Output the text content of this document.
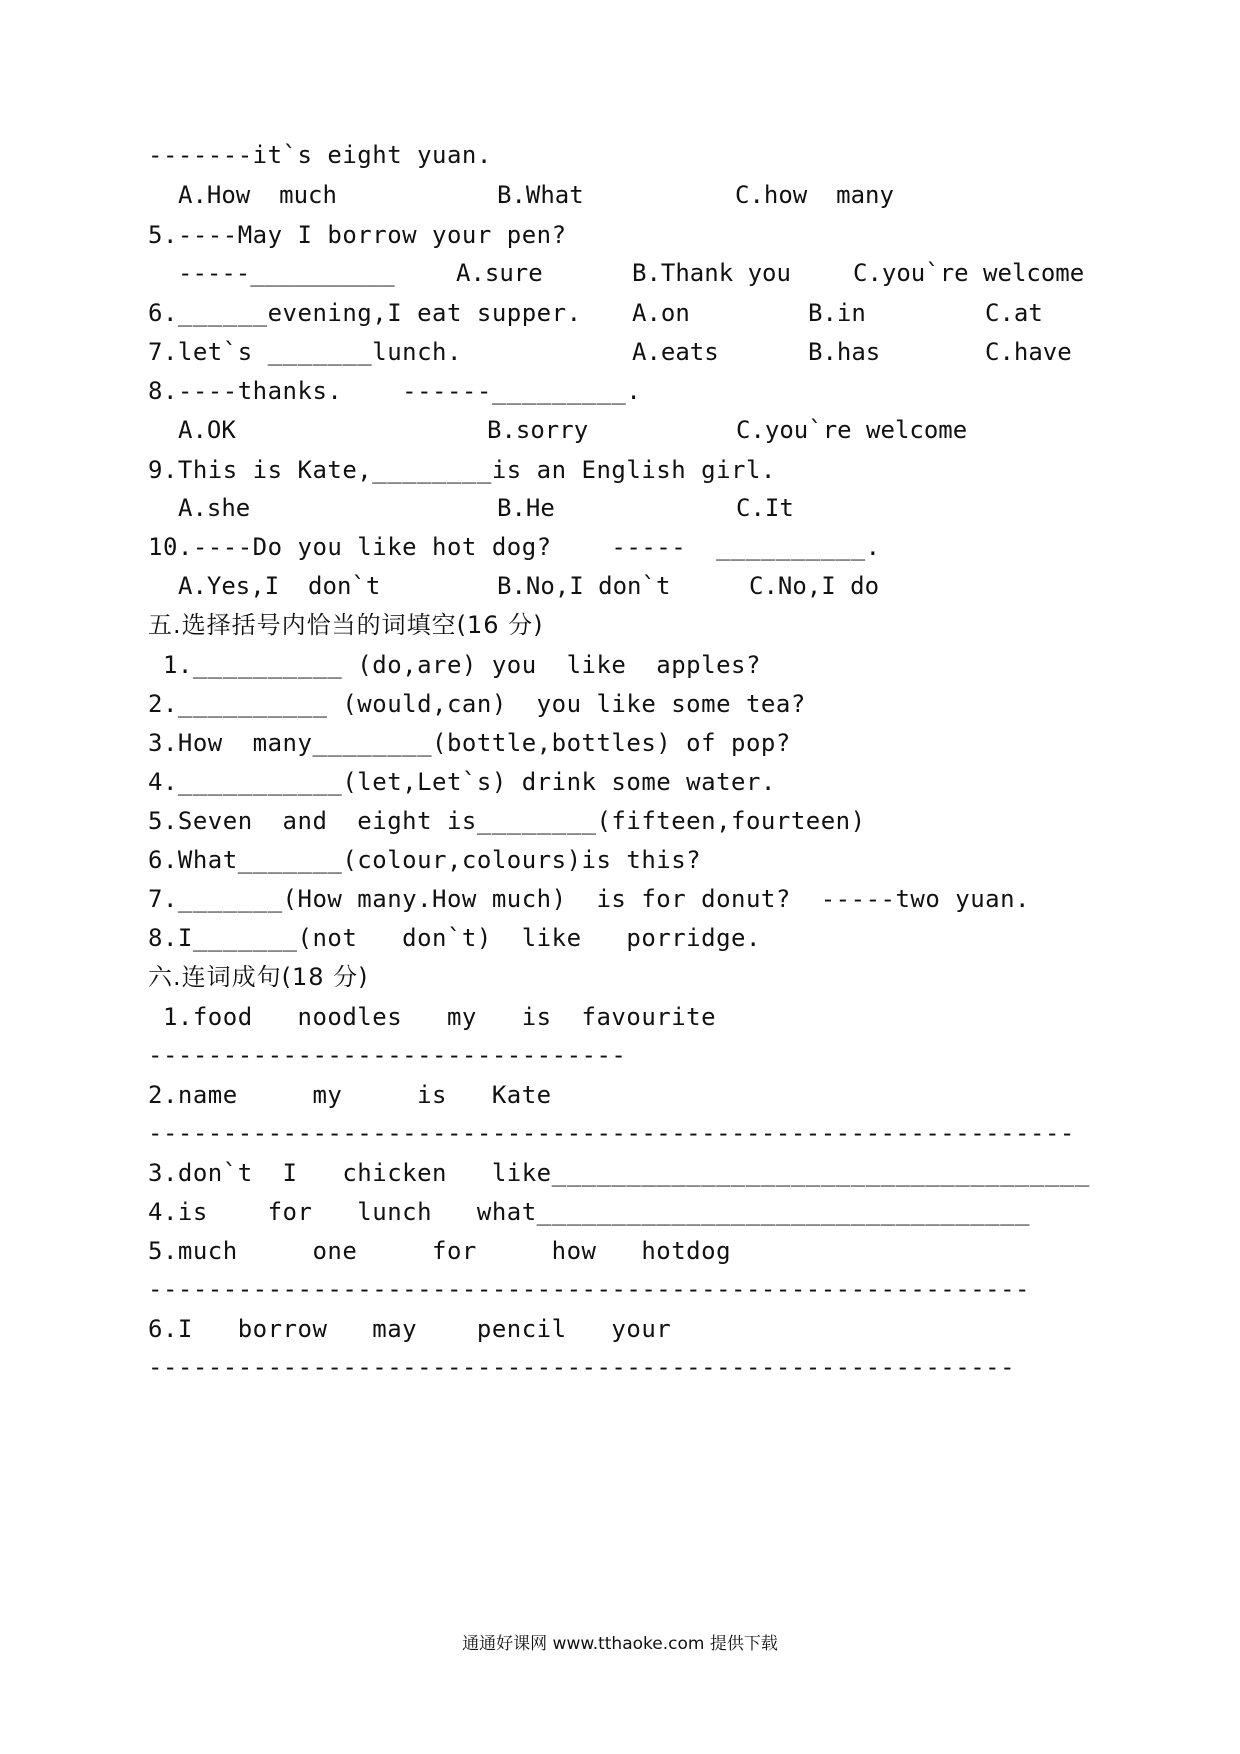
-------it`s eight yuan.
A.How  much	B.What	C.how  many
5.----May I borrow your pen?
-----__________	A.sure	B.Thank you	C.you`re welcome
6.______evening,I eat supper. A.on	B.in	C.at
7.let`s _______lunch.	A.eats	B.has	C.have
8.----thanks.    ------_________.
A.OK	B.sorry	C.you`re welcome
9.This is Kate,________is an English girl.
A.she	B.He	C.It
10.----Do you like hot dog?    -----  __________.
A.Yes,I  don`t	B.No,I don`t	C.No,I do
五.选择括号内恰当的词填空(16 分)
1.__________ (do,are) you  like  apples?
2.__________ (would,can)  you like some tea?
3.How  many________(bottle,bottles) of pop?
4.___________(let,Let`s) drink some water.
5.Seven  and  eight is________(fifteen,fourteen)
6.What_______(colour,colours)is this?
7._______(How many.How much)  is for donut?  -----two yuan.
8.I_______(not   don`t)  like   porridge.
六.连词成句(18 分)
1.food   noodles   my   is  favourite
--------------------------------
2.name     my     is   Kate
--------------------------------------------------------------
3.don`t  I   chicken   like____________________________________
4.is    for   lunch   what_________________________________
5.much     one     for     how   hotdog
-----------------------------------------------------------
6.I   borrow   may    pencil   your
----------------------------------------------------------
通通好课网 www.tthaoke.com 提供下载
